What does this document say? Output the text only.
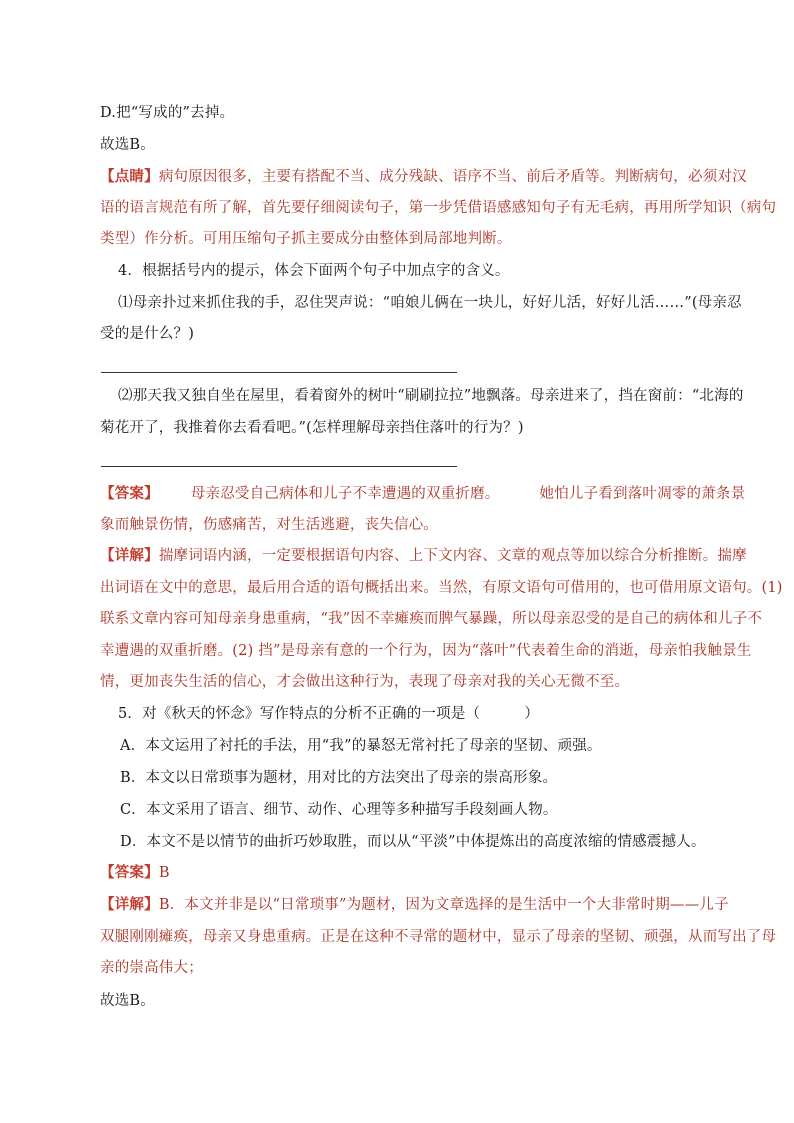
D.把“写成的”去掉。
故选B。
【点睛】病句原因很多，主要有搭配不当、成分残缺、语序不当、前后矛盾等。判断病句，必须对汉
语的语言规范有所了解，首先要仔细阅读句子，第一步凭借语感感知句子有无毛病，再用所学知识（病句
类型）作分析。可用压缩句子抓主要成分由整体到局部地判断。
4．根据括号内的提示，体会下面两个句子中加点字的含义。
⑴母亲扑过来抓住我的手，忍住哭声说：“咱娘儿俩在一块儿，好好儿活，好好儿活……”(母亲忍
受的是什么？)
⑵那天我又独自坐在屋里，看着窗外的树叶“刷刷拉拉”地飘落。母亲进来了，挡在窗前：“北海的
菊花开了，我推着你去看看吧。”(怎样理解母亲挡住落叶的行为？)
【答案】 母亲忍受自己病体和儿子不幸遭遇的双重折磨。	她怕儿子看到落叶凋零的萧条景
象而触景伤情，伤感痛苦，对生活逃避，丧失信心。
【详解】揣摩词语内涵，一定要根据语句内容、上下文内容、文章的观点等加以综合分析推断。揣摩
出词语在文中的意思，最后用合适的语句概括出来。当然，有原文语句可借用的，也可借用原文语句。(1)
联系文章内容可知母亲身患重病，“我”因不幸瘫痪而脾气暴躁，所以母亲忍受的是自己的病体和儿子不
幸遭遇的双重折磨。(2) 挡”是母亲有意的一个行为，因为“落叶”代表着生命的消逝，母亲怕我触景生
情，更加丧失生活的信心，才会做出这种行为，表现了母亲对我的关心无微不至。
5．对《秋天的怀念》写作特点的分析不正确的一项是（　　　）
A．本文运用了衬托的手法，用“我”的暴怒无常衬托了母亲的坚韧、顽强。
B．本文以日常琐事为题材，用对比的方法突出了母亲的崇高形象。
C．本文采用了语言、细节、动作、心理等多种描写手段刻画人物。
D．本文不是以情节的曲折巧妙取胜，而以从“平淡”中体提炼出的高度浓缩的情感震撼人。
【答案】B
【详解】B．本文并非是以“日常琐事”为题材，因为文章选择的是生活中一个大非常时期——儿子
双腿刚刚瘫痪，母亲又身患重病。正是在这种不寻常的题材中，显示了母亲的坚韧、顽强，从而写出了母
亲的崇高伟大；
故选B。
